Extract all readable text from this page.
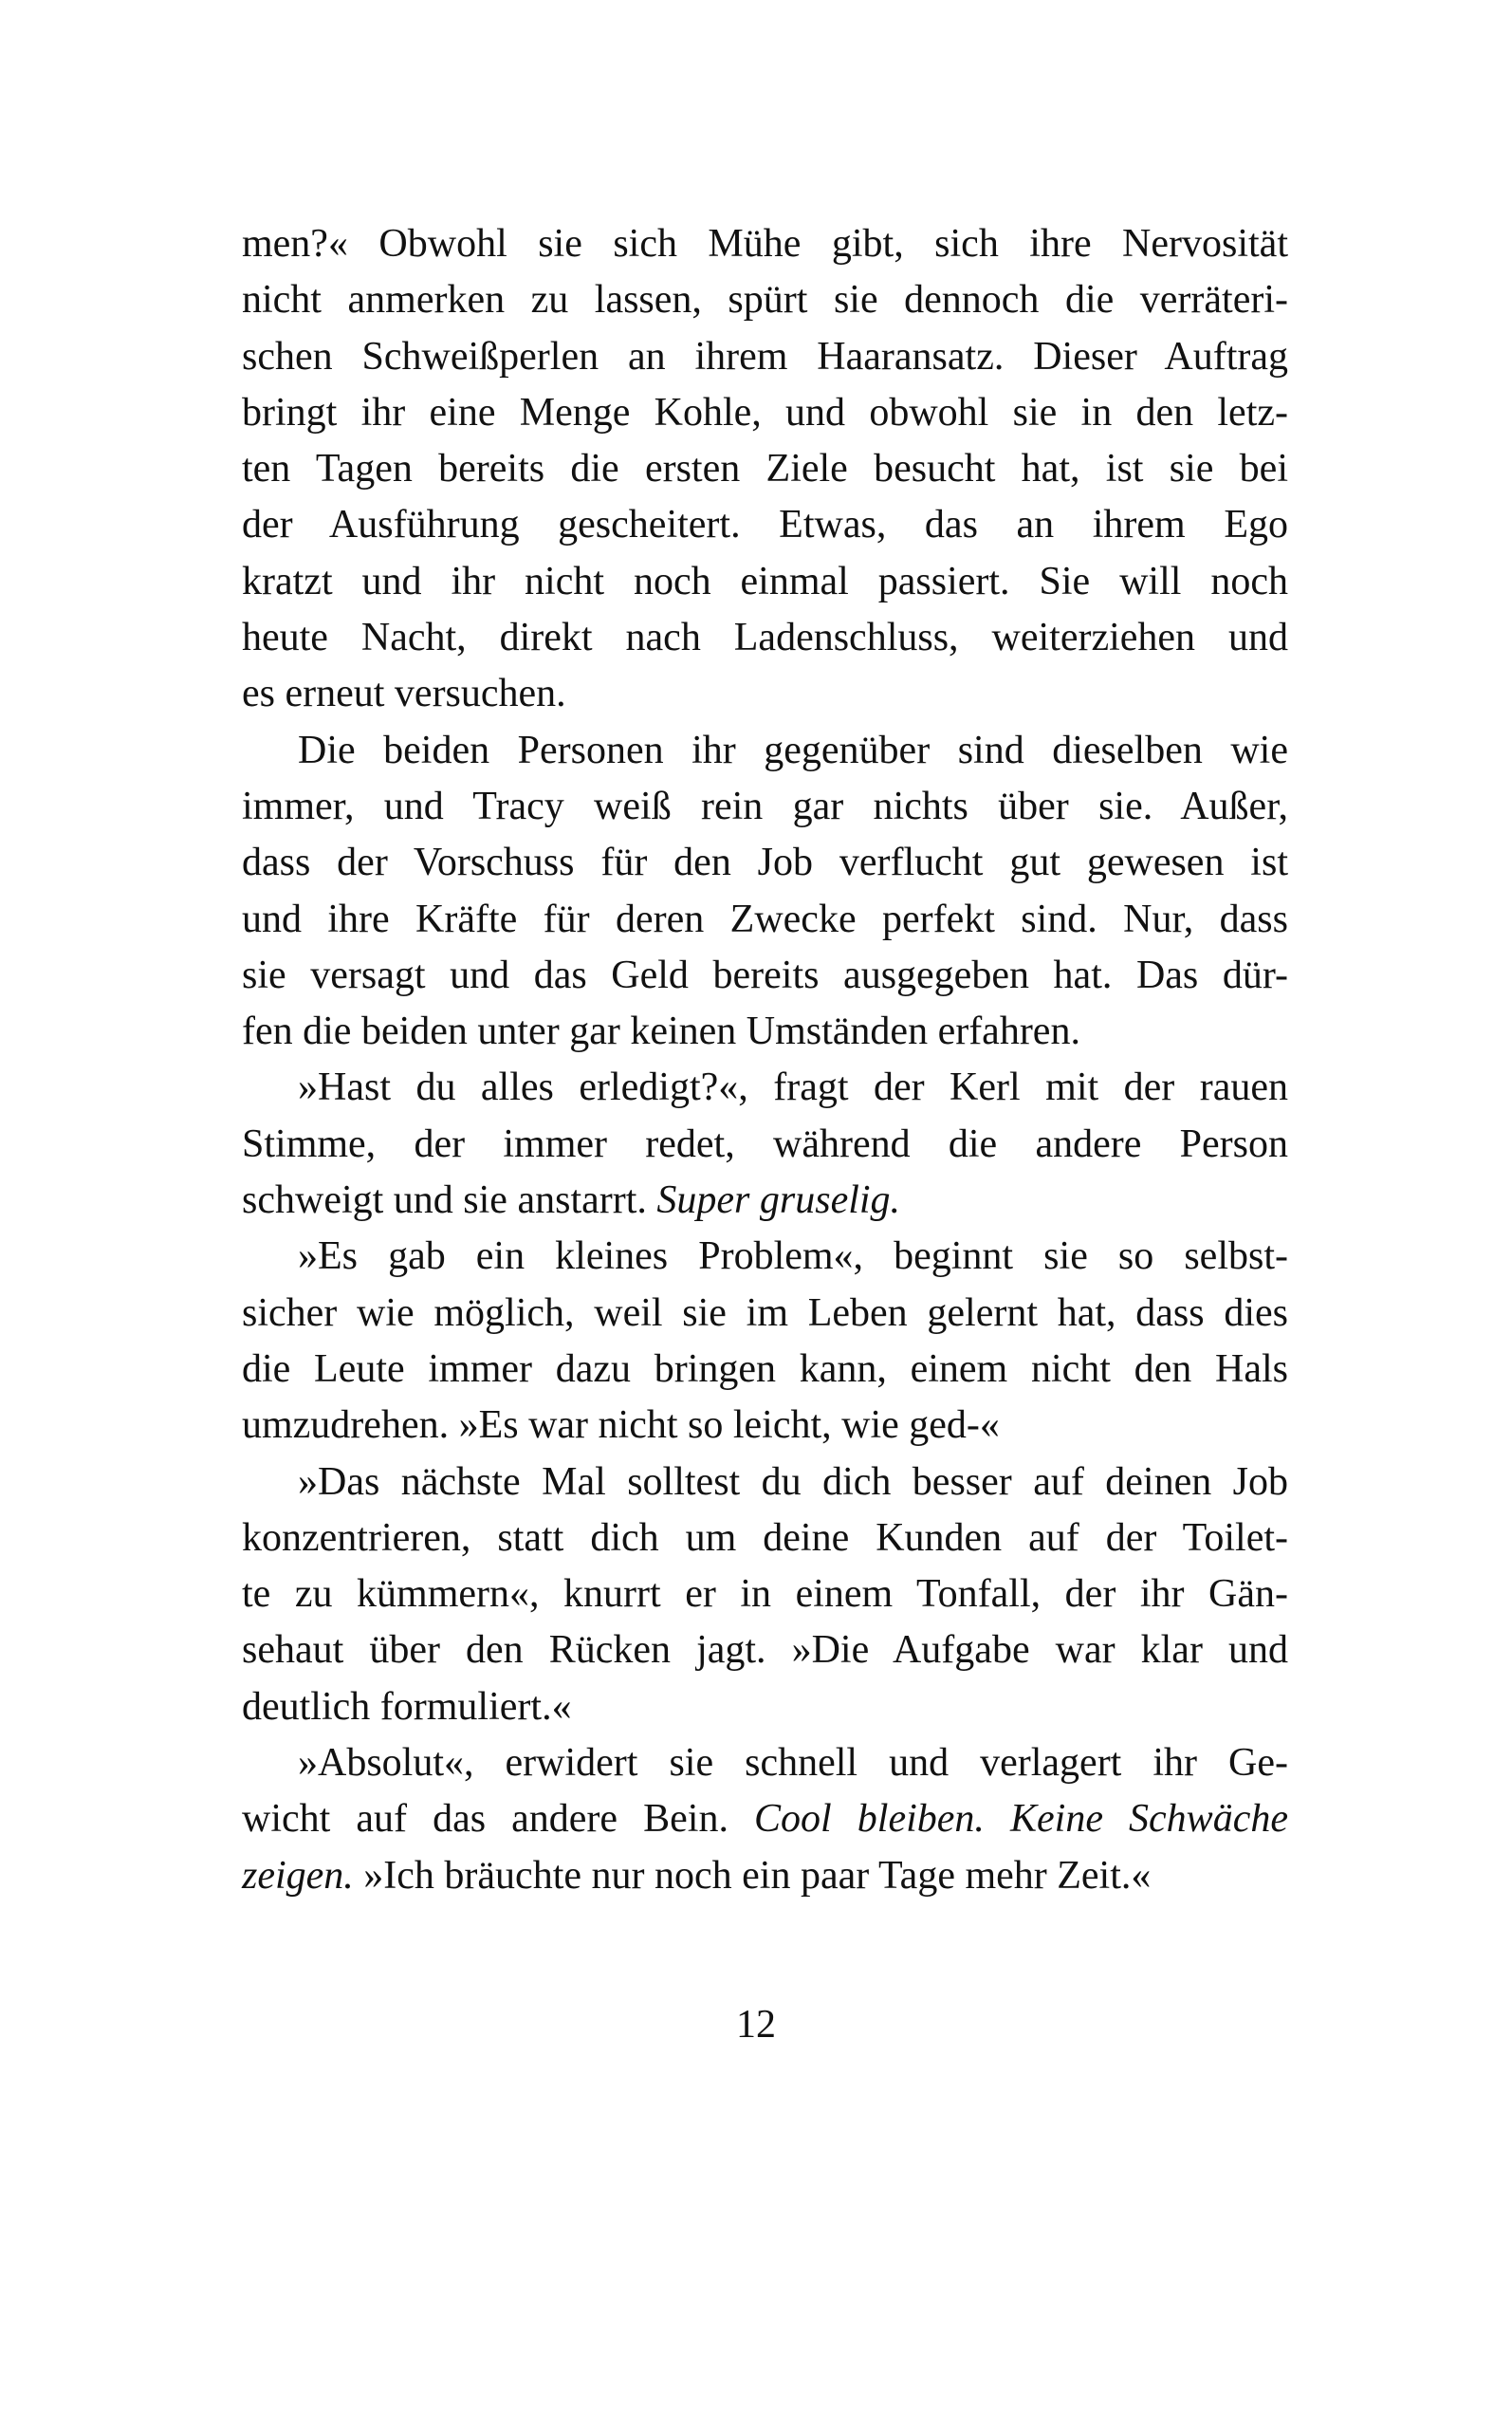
men?« Obwohl sie sich Mühe gibt, sich ihre Nervosität
nicht anmerken zu lassen, spürt sie dennoch die verräteri-
schen Schweißperlen an ihrem Haaransatz. Dieser Auftrag
bringt ihr eine Menge Kohle, und obwohl sie in den letz-
ten Tagen bereits die ersten Ziele besucht hat, ist sie bei
der Ausführung gescheitert. Etwas, das an ihrem Ego
kratzt und ihr nicht noch einmal passiert. Sie will noch
heute Nacht, direkt nach Ladenschluss, weiterziehen und
es erneut versuchen.
Die beiden Personen ihr gegenüber sind dieselben wie
immer, und Tracy weiß rein gar nichts über sie. Außer,
dass der Vorschuss für den Job verflucht gut gewesen ist
und ihre Kräfte für deren Zwecke perfekt sind. Nur, dass
sie versagt und das Geld bereits ausgegeben hat. Das dür-
fen die beiden unter gar keinen Umständen erfahren.
»Hast du alles erledigt?«, fragt der Kerl mit der rauen
Stimme, der immer redet, während die andere Person
schweigt und sie anstarrt. Super gruselig.
»Es gab ein kleines Problem«, beginnt sie so selbst-
sicher wie möglich, weil sie im Leben gelernt hat, dass dies
die Leute immer dazu bringen kann, einem nicht den Hals
umzudrehen. »Es war nicht so leicht, wie ged-«
»Das nächste Mal solltest du dich besser auf deinen Job
konzentrieren, statt dich um deine Kunden auf der Toilet-
te zu kümmern«, knurrt er in einem Tonfall, der ihr Gän-
sehaut über den Rücken jagt. »Die Aufgabe war klar und
deutlich formuliert.«
»Absolut«, erwidert sie schnell und verlagert ihr Ge-
wicht auf das andere Bein. Cool bleiben. Keine Schwäche
zeigen. »Ich bräuchte nur noch ein paar Tage mehr Zeit.«
12
